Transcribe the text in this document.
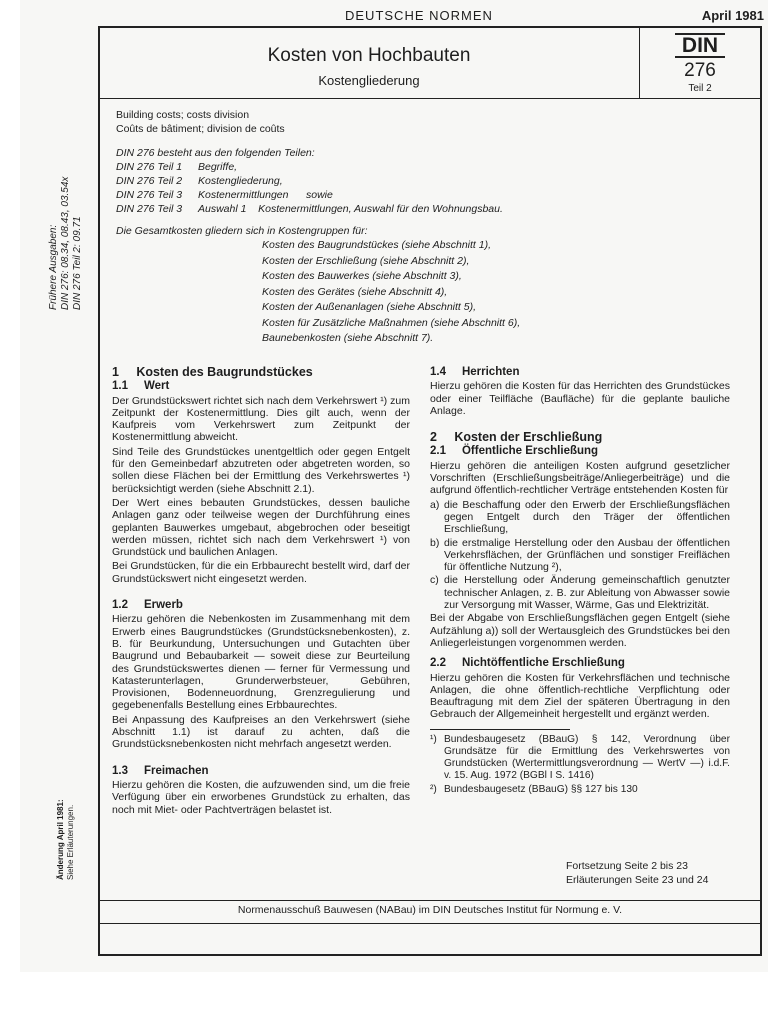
DEUTSCHE NORMEN	April 1981
Kosten von Hochbauten
Kostengliederung
DIN
276
Teil 2

Building costs; costs division

Coûts de bâtiment; division de coûts

DIN 276 besteht aus den folgenden Teilen:
DIN 276 Teil 1 Begriffe,
DIN 276 Teil 2 Kostengliederung,
DIN 276 Teil 3 Kostenermittlungen      sowie
DIN 276 Teil 3 Auswahl 1    Kostenermittlungen, Auswahl für den Wohnungsbau.
Die Gesamtkosten gliedern sich in Kostengruppen für:
Kosten des Baugrundstückes (siehe Abschnitt 1),
Kosten der Erschließung (siehe Abschnitt 2),
Kosten des Bauwerkes (siehe Abschnitt 3),
Kosten des Gerätes (siehe Abschnitt 4),
Kosten der Außenanlagen (siehe Abschnitt 5),
Kosten für Zusätzliche Maßnahmen (siehe Abschnitt 6),
Baunebenkosten (siehe Abschnitt 7).
1     Kosten des Baugrundstückes
1.1     Wert

Der Grundstückswert richtet sich nach dem Verkehrswert ¹) zum Zeitpunkt der Kostenermittlung. Dies gilt auch, wenn der Kaufpreis vom Verkehrswert zum Zeitpunkt der Kostenermittlung abweicht.

Sind Teile des Grundstückes unentgeltlich oder gegen Entgelt für den Gemeinbedarf abzutreten oder abgetreten worden, so sollen diese Flächen bei der Ermittlung des Verkehrswertes ¹) berücksichtigt werden (siehe Abschnitt 2.1).

Der Wert eines bebauten Grundstückes, dessen bauliche Anlagen ganz oder teilweise wegen der Durchführung eines geplanten Bauwerkes umgebaut, abgebrochen oder beseitigt werden müssen, richtet sich nach dem Verkehrswert ¹) von Grundstück und baulichen Anlagen.

Bei Grundstücken, für die ein Erbbaurecht bestellt wird, darf der Grundstückswert nicht eingesetzt werden.

1.2     Erwerb

Hierzu gehören die Nebenkosten im Zusammenhang mit dem Erwerb eines Baugrundstückes (Grundstücksnebenkosten), z. B. für Beurkundung, Untersuchungen und Gutachten über Baugrund und Bebaubarkeit — soweit diese zur Beurteilung des Grundstückswertes dienen — ferner für Vermessung und Katasterunterlagen, Grunderwerbsteuer, Gebühren, Provisionen, Bodenneuordnung, Grenzregulierung und gegebenenfalls Bestellung eines Erbbaurechtes.

Bei Anpassung des Kaufpreises an den Verkehrswert (siehe Abschnitt 1.1) ist darauf zu achten, daß die Grundstücksnebenkosten nicht mehrfach angesetzt werden.

1.3     Freimachen

Hierzu gehören die Kosten, die aufzuwenden sind, um die freie Verfügung über ein erworbenes Grundstück zu erhalten, das noch mit Miet- oder Pachtverträgen belastet ist.

1.4     Herrichten

Hierzu gehören die Kosten für das Herrichten des Grundstückes oder einer Teilfläche (Baufläche) für die geplante bauliche Anlage.

2     Kosten der Erschließung
2.1     Öffentliche Erschließung

Hierzu gehören die anteiligen Kosten aufgrund gesetzlicher Vorschriften (Erschließungsbeiträge/Anliegerbeiträge) und die aufgrund öffentlich-rechtlicher Verträge entstehenden Kosten für

a) die Beschaffung oder den Erwerb der Erschließungsflächen gegen Entgelt durch den Träger der öffentlichen Erschließung,
b) die erstmalige Herstellung oder den Ausbau der öffentlichen Verkehrsflächen, der Grünflächen und sonstiger Freiflächen für öffentliche Nutzung ²),
c) die Herstellung oder Änderung gemeinschaftlich genutzter technischer Anlagen, z. B. zur Ableitung von Abwasser sowie zur Versorgung mit Wasser, Wärme, Gas und Elektrizität.

Bei der Abgabe von Erschließungsflächen gegen Entgelt (siehe Aufzählung a)) soll der Wertausgleich des Grundstückes bei den Anliegerleistungen vorgenommen werden.

2.2     Nichtöffentliche Erschließung

Hierzu gehören die Kosten für Verkehrsflächen und technische Anlagen, die ohne öffentlich-rechtliche Verpflichtung oder Beauftragung mit dem Ziel der späteren Übertragung in den Gebrauch der Allgemeinheit hergestellt und ergänzt werden.

¹) Bundesbaugesetz (BBauG) § 142, Verordnung über Grundsätze für die Ermittlung des Verkehrswertes von Grundstücken (Wertermittlungsverordnung — WertV —) i.d.F. v. 15. Aug. 1972 (BGBl I S. 1416)
²) Bundesbaugesetz (BBauG) §§ 127 bis 130
Fortsetzung Seite 2 bis 23
Erläuterungen Seite 23 und 24
Normenausschuß Bauwesen (NABau) im DIN Deutsches Institut für Normung e. V.
Frühere Ausgaben: DIN 276: 08.34, 08.43, 03.54x DIN 276 Teil 2: 09.71
Änderung April 1981: Siehe Erläuterungen.
